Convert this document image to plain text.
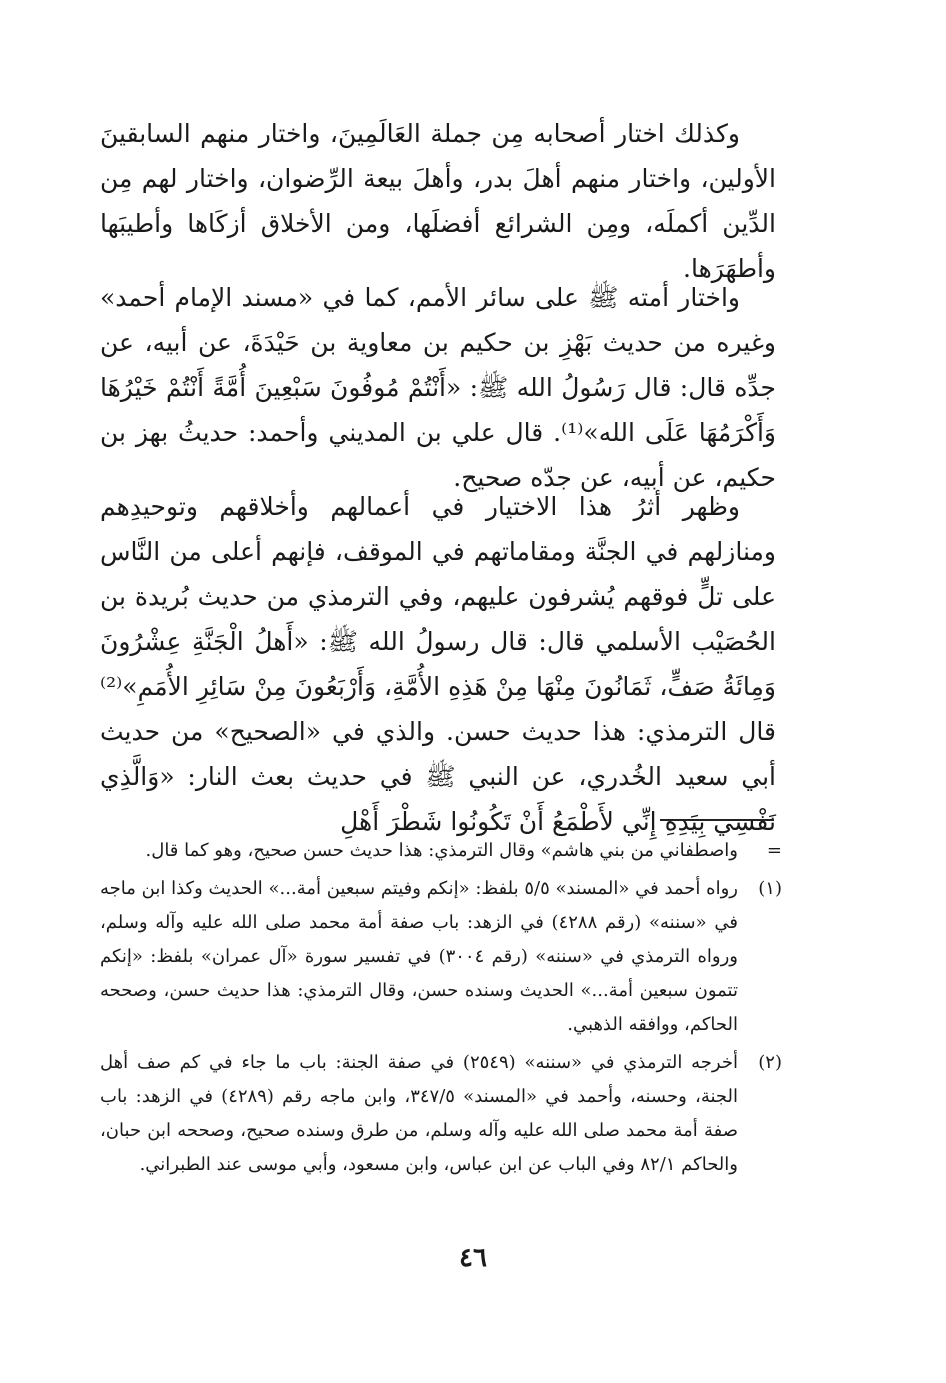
وكذلك اختار أصحابه مِن جملة العَالَمِينَ، واختار منهم السابقينَ الأولين، واختار منهم أهلَ بدر، وأهلَ بيعة الرِّضوان، واختار لهم مِن الدِّين أكملَه، ومِن الشرائع أفضلَها، ومن الأخلاق أزكَاها وأطيبَها وأطهَرَها.

واختار أمته ﷺ على سائر الأمم، كما في «مسند الإمام أحمد» وغيره من حديث بَهْزِ بن حكيم بن معاوية بن حَيْدَةَ، عن أبيه، عن جدِّه قال: قال رَسُولُ الله ﷺ: «أَنْتُمْ مُوفُونَ سَبْعِينَ أُمَّةً أَنْتُمْ خَيْرُهَا وَأَكْرَمُهَا عَلَى الله»⁽¹⁾. قال علي بن المديني وأحمد: حديثُ بهز بن حكيم، عن أبيه، عن جدّه صحيح.

وظهر أثرُ هذا الاختيار في أعمالهم وأخلاقهم وتوحيدِهم ومنازلهم في الجنَّة ومقاماتهم في الموقف، فإنهم أعلى من النَّاس على تلٍّ فوقهم يُشرفون عليهم، وفي الترمذي من حديث بُريدة بن الحُصَيْب الأسلمي قال: قال رسولُ الله ﷺ: «أَهلُ الْجَنَّةِ عِشْرُونَ وَمِائَةُ صَفٍّ، ثَمَانُونَ مِنْهَا مِنْ هَذِهِ الأُمَّةِ، وَأَرْبَعُونَ مِنْ سَائِرِ الأُمَمِ»⁽²⁾ قال الترمذي: هذا حديث حسن. والذي في «الصحيح» من حديث أبي سعيد الخُدري، عن النبي ﷺ في حديث بعث النار: «وَالَّذِي نَفْسِي بِيَدِهِ إِنِّي لأَطْمَعُ أَنْ تَكُونُوا شَطْرَ أَهْلِ

=
واصطفاني من بني هاشم» وقال الترمذي: هذا حديث حسن صحيح، وهو كما قال.
(١)
رواه أحمد في «المسند» ٥/٥ بلفظ: «إنكم وفيتم سبعين أمة...» الحديث وكذا ابن ماجه في «سننه» (رقم ٤٢٨٨) في الزهد: باب صفة أمة محمد صلى الله عليه وآله وسلم، ورواه الترمذي في «سننه» (رقم ٣٠٠٤) في تفسير سورة «آل عمران» بلفظ: «إنكم تتمون سبعين أمة...» الحديث وسنده حسن، وقال الترمذي: هذا حديث حسن، وصححه الحاكم، ووافقه الذهبي.
(٢)
أخرجه الترمذي في «سننه» (٢٥٤٩) في صفة الجنة: باب ما جاء في كم صف أهل الجنة، وحسنه، وأحمد في «المسند» ٣٤٧/٥، وابن ماجه رقم (٤٢٨٩) في الزهد: باب صفة أمة محمد صلى الله عليه وآله وسلم، من طرق وسنده صحيح، وصححه ابن حبان، والحاكم ٨٢/١ وفي الباب عن ابن عباس، وابن مسعود، وأبي موسى عند الطبراني.
٤٦
